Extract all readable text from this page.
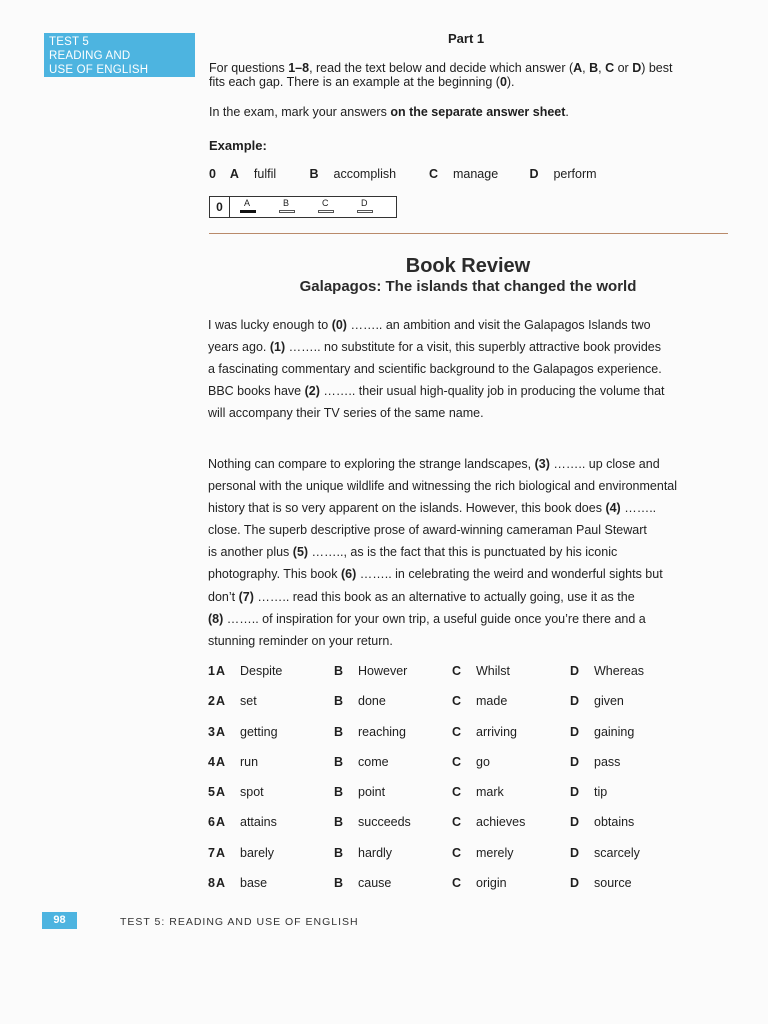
TEST 5
READING AND
USE OF ENGLISH
Part 1
For questions 1–8, read the text below and decide which answer (A, B, C or D) best
fits each gap. There is an example at the beginning (0).
In the exam, mark your answers on the separate answer sheet.
Example:
0	A	fulfil	B	accomplish	C	manage	D	perform
0	A	B	C	D
Book Review
Galapagos: The islands that changed the world
I was lucky enough to (0) …….. an ambition and visit the Galapagos Islands two
years ago. (1) …….. no substitute for a visit, this superbly attractive book provides
a fascinating commentary and scientific background to the Galapagos experience.
BBC books have (2) …….. their usual high-quality job in producing the volume that
will accompany their TV series of the same name.
Nothing can compare to exploring the strange landscapes, (3) …….. up close and
personal with the unique wildlife and witnessing the rich biological and environmental
history that is so very apparent on the islands. However, this book does (4) ……..
close. The superb descriptive prose of award-winning cameraman Paul Stewart
is another plus (5) …….., as is the fact that this is punctuated by his iconic
photography. This book (6) …….. in celebrating the weird and wonderful sights but
don’t (7) …….. read this book as an alternative to actually going, use it as the
(8) …….. of inspiration for your own trip, a useful guide once you’re there and a
stunning reminder on your return.
1 A	Despite	B	However	C	Whilst	D	Whereas
2 A	set	B	done	C	made	D	given
3 A	getting	B	reaching	C	arriving	D	gaining
4 A	run	B	come	C	go	D	pass
5 A	spot	B	point	C	mark	D	tip
6 A	attains	B	succeeds	C	achieves	D	obtains
7 A	barely	B	hardly	C	merely	D	scarcely
8 A	base	B	cause	C	origin	D	source
98	TEST 5: READING AND USE OF ENGLISH
